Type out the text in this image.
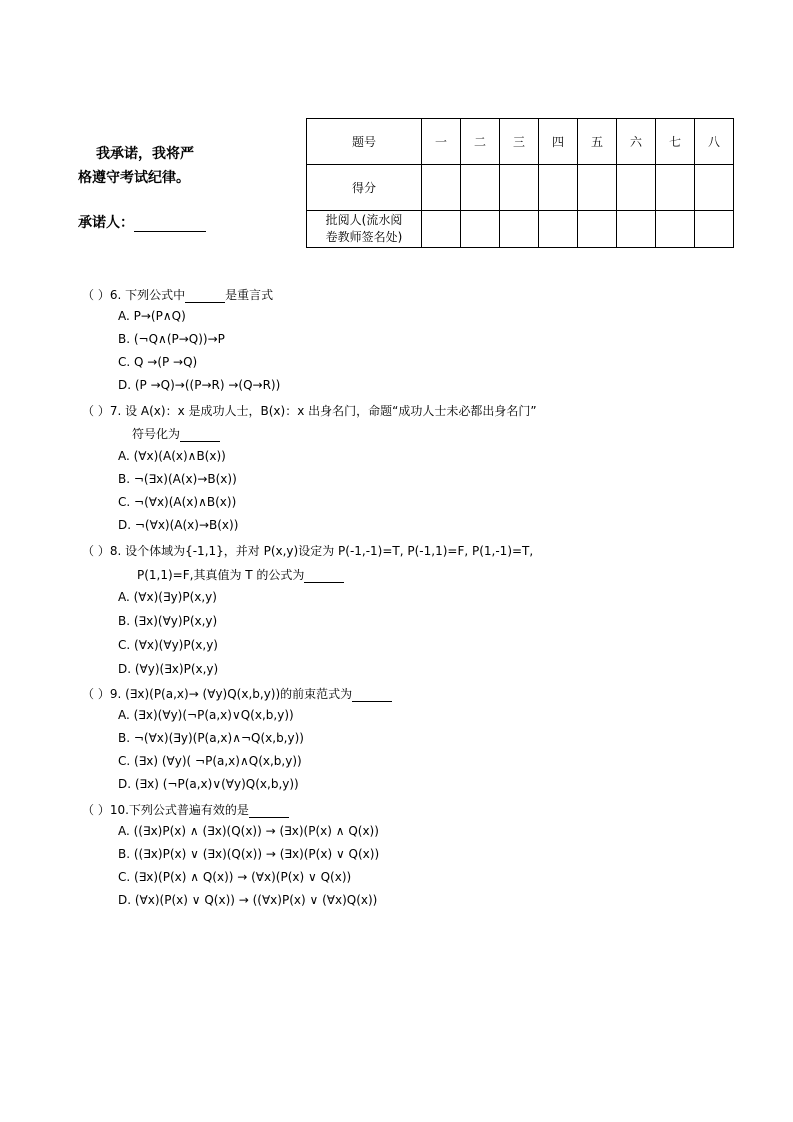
我承诺，我将严
格遵守考试纪律。
承诺人：
题号	一	二	三	四	五	六	七	八
得分								

批阅人(流水阅
卷教师签名处)								

（ ）6. 下列公式中	是重言式
A. P→(P∧Q)
B. (¬Q∧(P→Q))→P
C. Q →(P →Q)
D. (P →Q)→((P→R) →(Q→R))
（ ）7. 设 A(x)：x 是成功人士，B(x)：x 出身名门，命题“成功人士未必都出身名门”
符号化为
A. (∀x)(A(x)∧B(x))
B. ¬(∃x)(A(x)→B(x))
C. ¬(∀x)(A(x)∧B(x))
D. ¬(∀x)(A(x)→B(x))
（ ）8. 设个体域为{-1,1}，并对 P(x,y)设定为 P(-1,-1)=T, P(-1,1)=F, P(1,-1)=T,
P(1,1)=F,其真值为 T 的公式为
A. (∀x)(∃y)P(x,y)
B. (∃x)(∀y)P(x,y)
C. (∀x)(∀y)P(x,y)
D. (∀y)(∃x)P(x,y)
（ ）9. (∃x)(P(a,x)→ (∀y)Q(x,b,y))的前束范式为
A. (∃x)(∀y)(¬P(a,x)∨Q(x,b,y))
B. ¬(∀x)(∃y)(P(a,x)∧¬Q(x,b,y))
C. (∃x) (∀y)( ¬P(a,x)∧Q(x,b,y))
D. (∃x) (¬P(a,x)∨(∀y)Q(x,b,y))
（ ）10.下列公式普遍有效的是
A. ((∃x)P(x) ∧ (∃x)(Q(x)) → (∃x)(P(x) ∧ Q(x))
B. ((∃x)P(x) ∨ (∃x)(Q(x)) → (∃x)(P(x) ∨ Q(x))
C. (∃x)(P(x) ∧ Q(x)) → (∀x)(P(x) ∨ Q(x))
D. (∀x)(P(x) ∨ Q(x)) → ((∀x)P(x) ∨ (∀x)Q(x))
